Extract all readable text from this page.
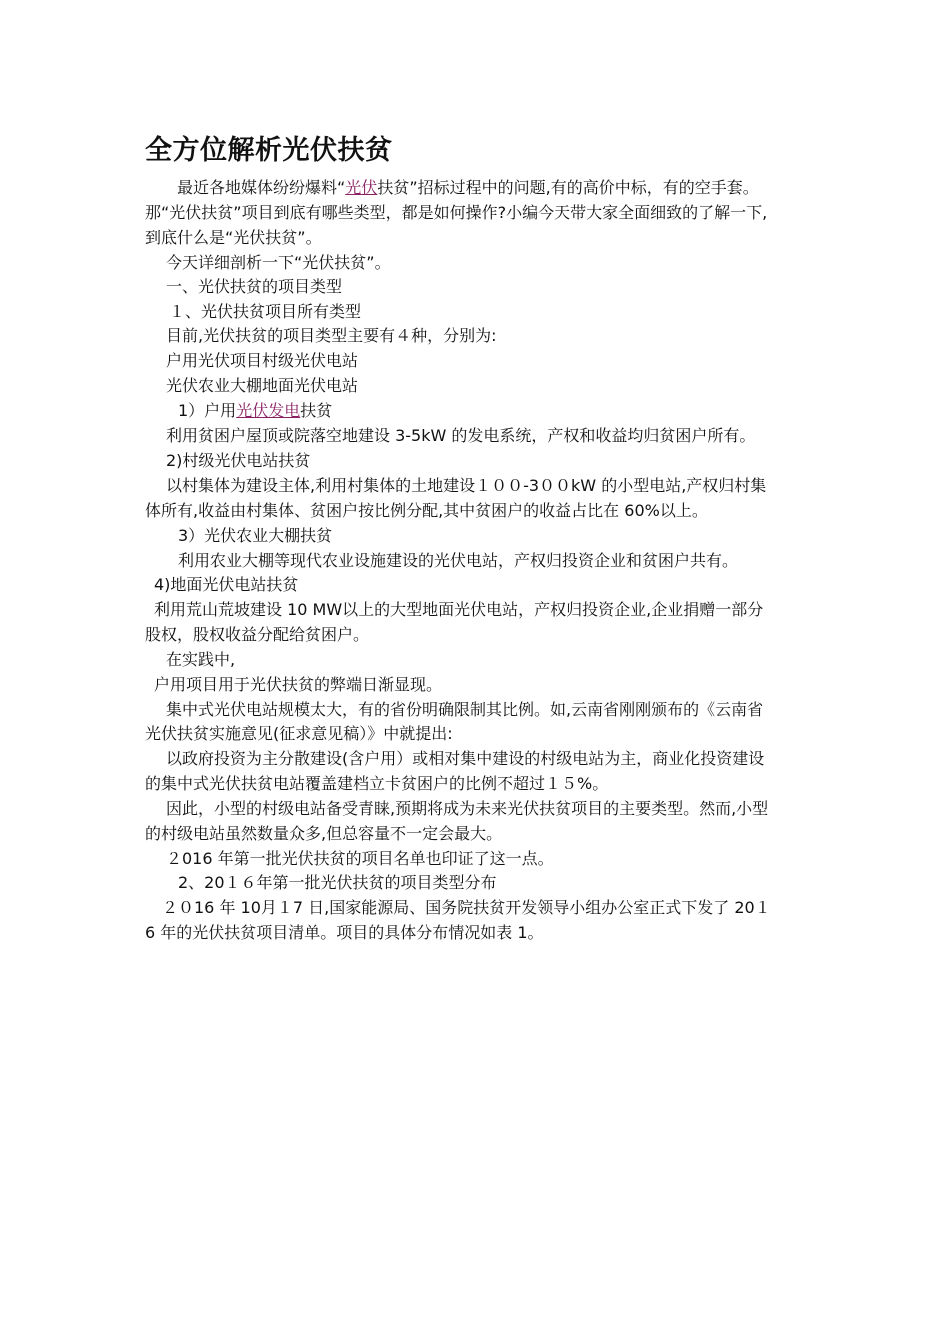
全方位解析光伏扶贫
最近各地媒体纷纷爆料“光伏扶贫”招标过程中的问题,有的高价中标，有的空手套。
那“光伏扶贫”项目到底有哪些类型，都是如何操作?小编今天带大家全面细致的了解一下,
到底什么是“光伏扶贫”。
今天详细剖析一下“光伏扶贫”。
一、光伏扶贫的项目类型
１、光伏扶贫项目所有类型
目前,光伏扶贫的项目类型主要有４种，分别为:
户用光伏项目村级光伏电站
光伏农业大棚地面光伏电站
1）户用光伏发电扶贫
利用贫困户屋顶或院落空地建设 3-5kW 的发电系统，产权和收益均归贫困户所有。
2)村级光伏电站扶贫
以村集体为建设主体,利用村集体的土地建设１００-3００kW 的小型电站,产权归村集
体所有,收益由村集体、贫困户按比例分配,其中贫困户的收益占比在 60%以上。
3）光伏农业大棚扶贫
利用农业大棚等现代农业设施建设的光伏电站，产权归投资企业和贫困户共有。
4)地面光伏电站扶贫
利用荒山荒坡建设 10 MW以上的大型地面光伏电站，产权归投资企业,企业捐赠一部分
股权，股权收益分配给贫困户。
在实践中,
户用项目用于光伏扶贫的弊端日渐显现。
集中式光伏电站规模太大，有的省份明确限制其比例。如,云南省刚刚颁布的《云南省
光伏扶贫实施意见(征求意见稿）》中就提出:
以政府投资为主分散建设(含户用）或相对集中建设的村级电站为主，商业化投资建设
的集中式光伏扶贫电站覆盖建档立卡贫困户的比例不超过１５%。
因此，小型的村级电站备受青睐,预期将成为未来光伏扶贫项目的主要类型。然而,小型
的村级电站虽然数量众多,但总容量不一定会最大。
２016 年第一批光伏扶贫的项目名单也印证了这一点。
2、20１６年第一批光伏扶贫的项目类型分布
２０16 年 10月１7 日,国家能源局、国务院扶贫开发领导小组办公室正式下发了 20１
6 年的光伏扶贫项目清单。项目的具体分布情况如表 1。
